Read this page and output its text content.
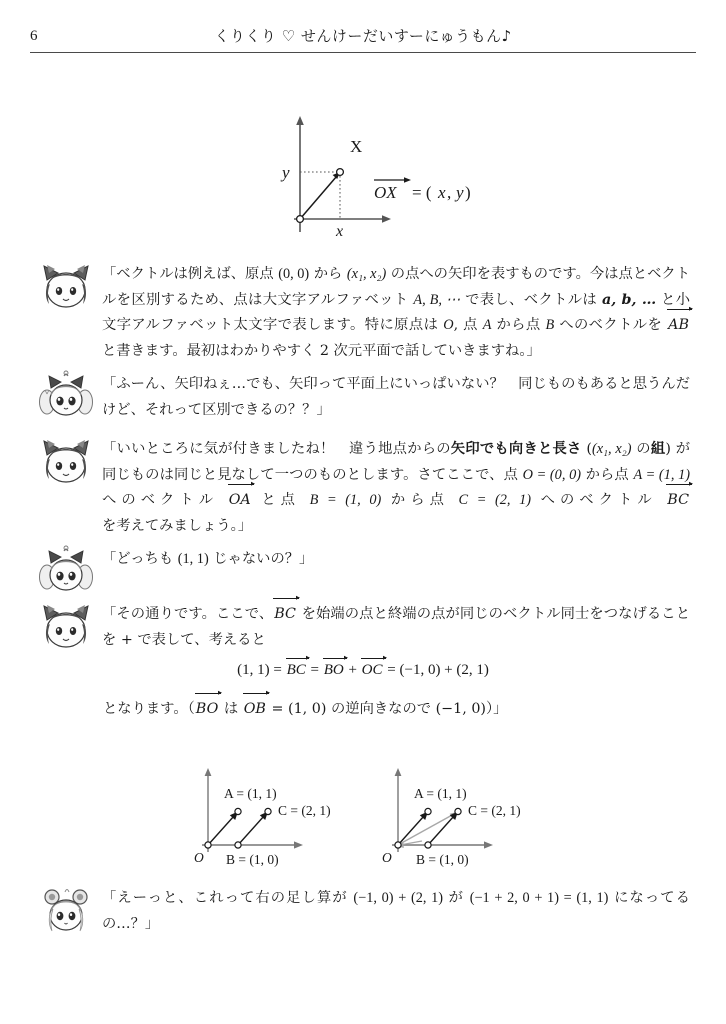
6	くりくり ♡ せんけーだいすーにゅうもん♪
y
x
X
OX = ( x , y )
「ベクトルは例えば、原点 (0, 0) から (x₁, x₂) の点への矢印を表すものです。今は点とベクトルを区別するため、点は大文字アルファベット A, B, ⋯ で表し、ベクトルは a, b, … と小文字アルファベット太文字で表します。特に原点は O, 点 A から点 B へのベクトルを AB と書きます。最初はわかりやすく 2 次元平面で話していきますね。」
「ふーん、矢印ねぇ…でも、矢印って平面上にいっぱいない？　同じものもあると思うんだけど、それって区別できるの？？」
「いいところに気が付きましたね！　違う地点からの矢印でも向きと長さ ((x₁, x₂) の組) が同じものは同じと見なして一つのものとします。さてここで、点 O = (0, 0) から点 A = (1, 1) へのベクトル OA と点 B = (1, 0) から点 C = (2, 1) へのベクトル BC を考えてみましょう。」
「どっちも (1, 1) じゃないの？」
「その通りです。ここで、BC を始端の点と終端の点が同じのベクトル同士をつなげることを + で表して、考えると
(1, 1) = BC = BO + OC = (−1, 0) + (2, 1)
となります。（BO は OB = (1, 0) の逆向きなので (−1, 0)）」
A = (1, 1)
C = (2, 1)
B = (1, 0)
O
A = (1, 1)
C = (2, 1)
B = (1, 0)
O
「えーっと、これって右の足し算が (−1, 0) + (2, 1) が (−1 + 2, 0 + 1) = (1, 1) になってるの…？」
